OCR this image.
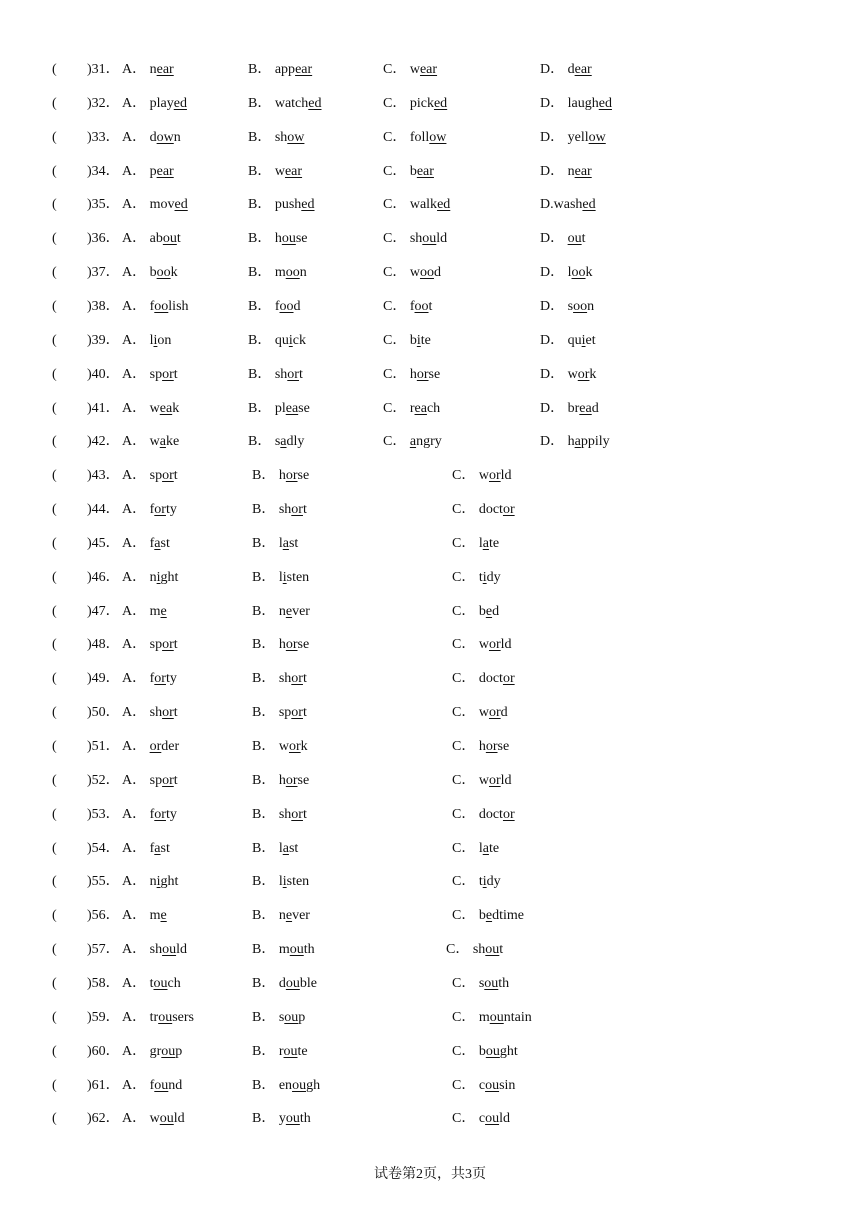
( )31． A． near	B． appear	C． wear	D． dear
( )32． A． played	B． watched	C． picked	D． laughed
( )33． A． down	B． show	C． follow	D． yellow
( )34． A． pear	B． wear	C． bear	D． near
( )35． A． moved	B． pushed	C． walked	D.washed
( )36． A． about	B． house	C． should	D． out
( )37． A． book	B． moon	C． wood	D． look
( )38． A． foolish	B． food	C． foot	D． soon
( )39． A． lion	B． quick	C． bite	D． quiet
( )40． A． sport	B． short	C． horse	D． work
( )41． A． weak	B． please	C． reach	D． bread
( )42． A． wake	B． sadly	C． angry	D． happily
( )43． A． sport	B． horse	C． world
( )44． A． forty	B． short	C． doctor
( )45． A． fast	B． last	C． late
( )46． A． night	B． listen	C． tidy
( )47． A． me	B． never	C． bed
( )48． A． sport	B． horse	C． world
( )49． A． forty	B． short	C． doctor
( )50． A． short	B． sport	C． word
( )51． A． order	B． work	C． horse
( )52． A． sport	B． horse	C． world
( )53． A． forty	B． short	C． doctor
( )54． A． fast	B． last	C． late
( )55． A． night	B． listen	C． tidy
( )56． A． me	B． never	C． bedtime
( )57． A． should	B． mouth	C． shout
( )58． A． touch	B． double	C． south
( )59． A． trousers	B． soup	C． mountain
( )60． A． group	B． route	C． bought
( )61． A． found	B． enough	C． cousin
( )62． A． would	B． youth	C． could
试卷第2页，共3页
